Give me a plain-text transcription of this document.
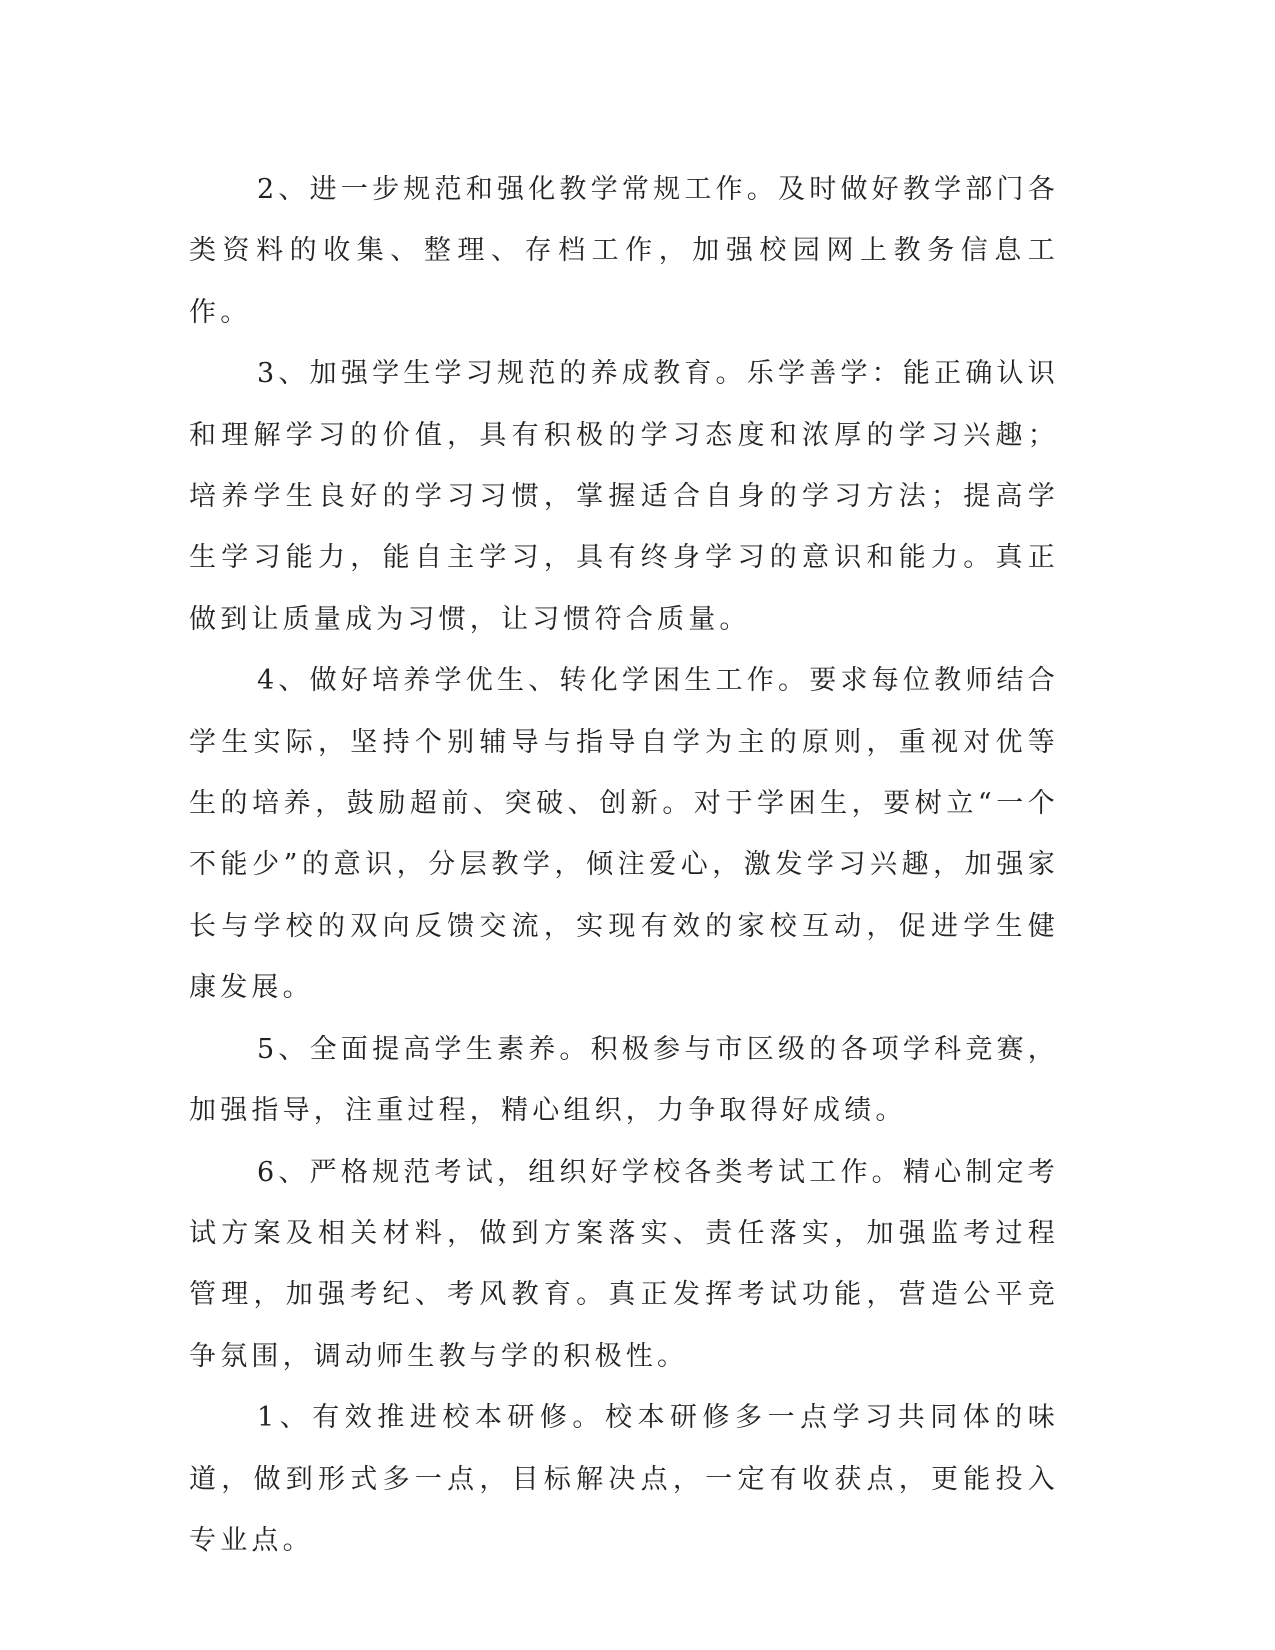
2、进一步规范和强化教学常规工作。及时做好教学部门各类资料的收集、整理、存档工作，加强校园网上教务信息工作。

3、加强学生学习规范的养成教育。乐学善学：能正确认识和理解学习的价值，具有积极的学习态度和浓厚的学习兴趣；培养学生良好的学习习惯，掌握适合自身的学习方法；提高学生学习能力，能自主学习，具有终身学习的意识和能力。真正做到让质量成为习惯，让习惯符合质量。

4、做好培养学优生、转化学困生工作。要求每位教师结合学生实际，坚持个别辅导与指导自学为主的原则，重视对优等生的培养，鼓励超前、突破、创新。对于学困生，要树立“一个不能少”的意识，分层教学，倾注爱心，激发学习兴趣，加强家长与学校的双向反馈交流，实现有效的家校互动，促进学生健康发展。

5、全面提高学生素养。积极参与市区级的各项学科竞赛，加强指导，注重过程，精心组织，力争取得好成绩。

6、严格规范考试，组织好学校各类考试工作。精心制定考试方案及相关材料，做到方案落实、责任落实，加强监考过程管理，加强考纪、考风教育。真正发挥考试功能，营造公平竞争氛围，调动师生教与学的积极性。

1、有效推进校本研修。校本研修多一点学习共同体的味道，做到形式多一点，目标解决点，一定有收获点，更能投入专业点。
